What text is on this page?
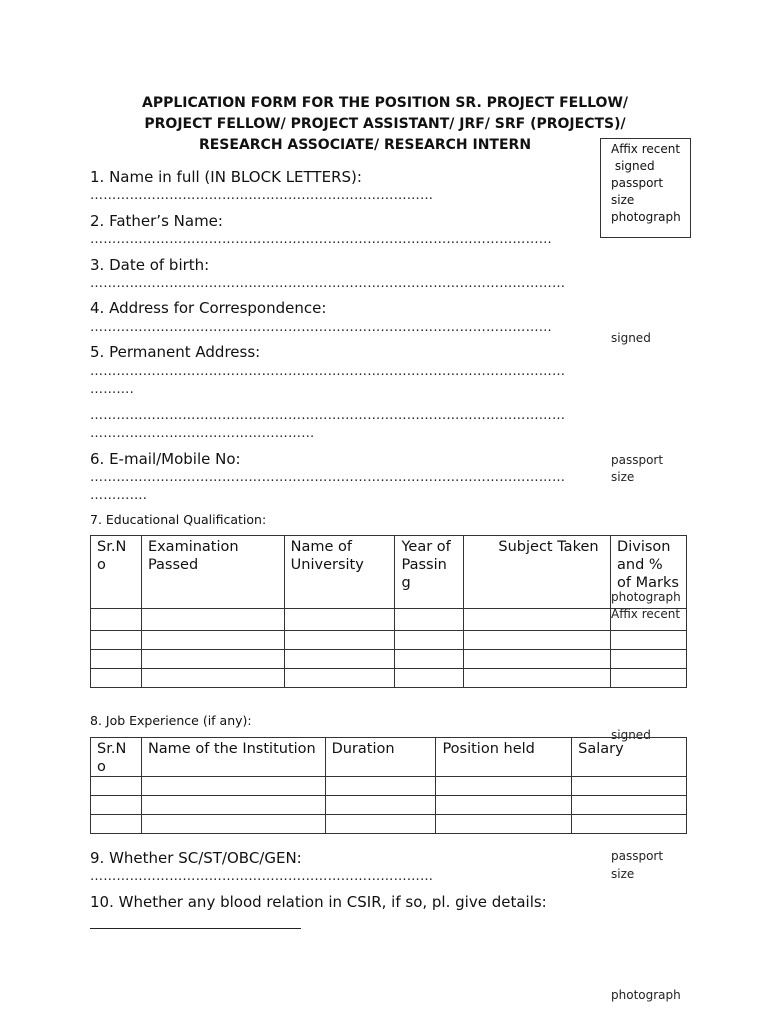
APPLICATION FORM FOR THE POSITION SR. PROJECT FELLOW/
PROJECT FELLOW/ PROJECT ASSISTANT/ JRF/ SRF (PROJECTS)/
RESEARCH ASSOCIATE/ RESEARCH INTERN	Affix recent
signed
passport
size
photograph
1. Name in full (IN BLOCK LETTERS):
……………………………………………………………………
2. Father’s Name:
……………………………………………………………………………………………
3. Date of birth:
………………………………………………………………………………………………
4. Address for Correspondence:
……………………………………………………………………………………………
5. Permanent Address:
………………………………………………………………………………………………
……….
………………………………………………………………………………………………
……………………………………………
6. E-mail/Mobile No:
………………………………………………………………………………………………
………….
signed
passport
size
photograph
Affix recent
signed
passport
size
photograph
7. Educational Qualification:
Sr.N o	Examination Passed	Name of University	Year of Passin g	Subject Taken	Divison and % of Marks

8. Job Experience (if any):
Sr.N o	Name of the Institution	Duration	Position held	Salary

9. Whether SC/ST/OBC/GEN:
……………………………………………………………………
10. Whether any blood relation in CSIR, if so, pl. give details:
